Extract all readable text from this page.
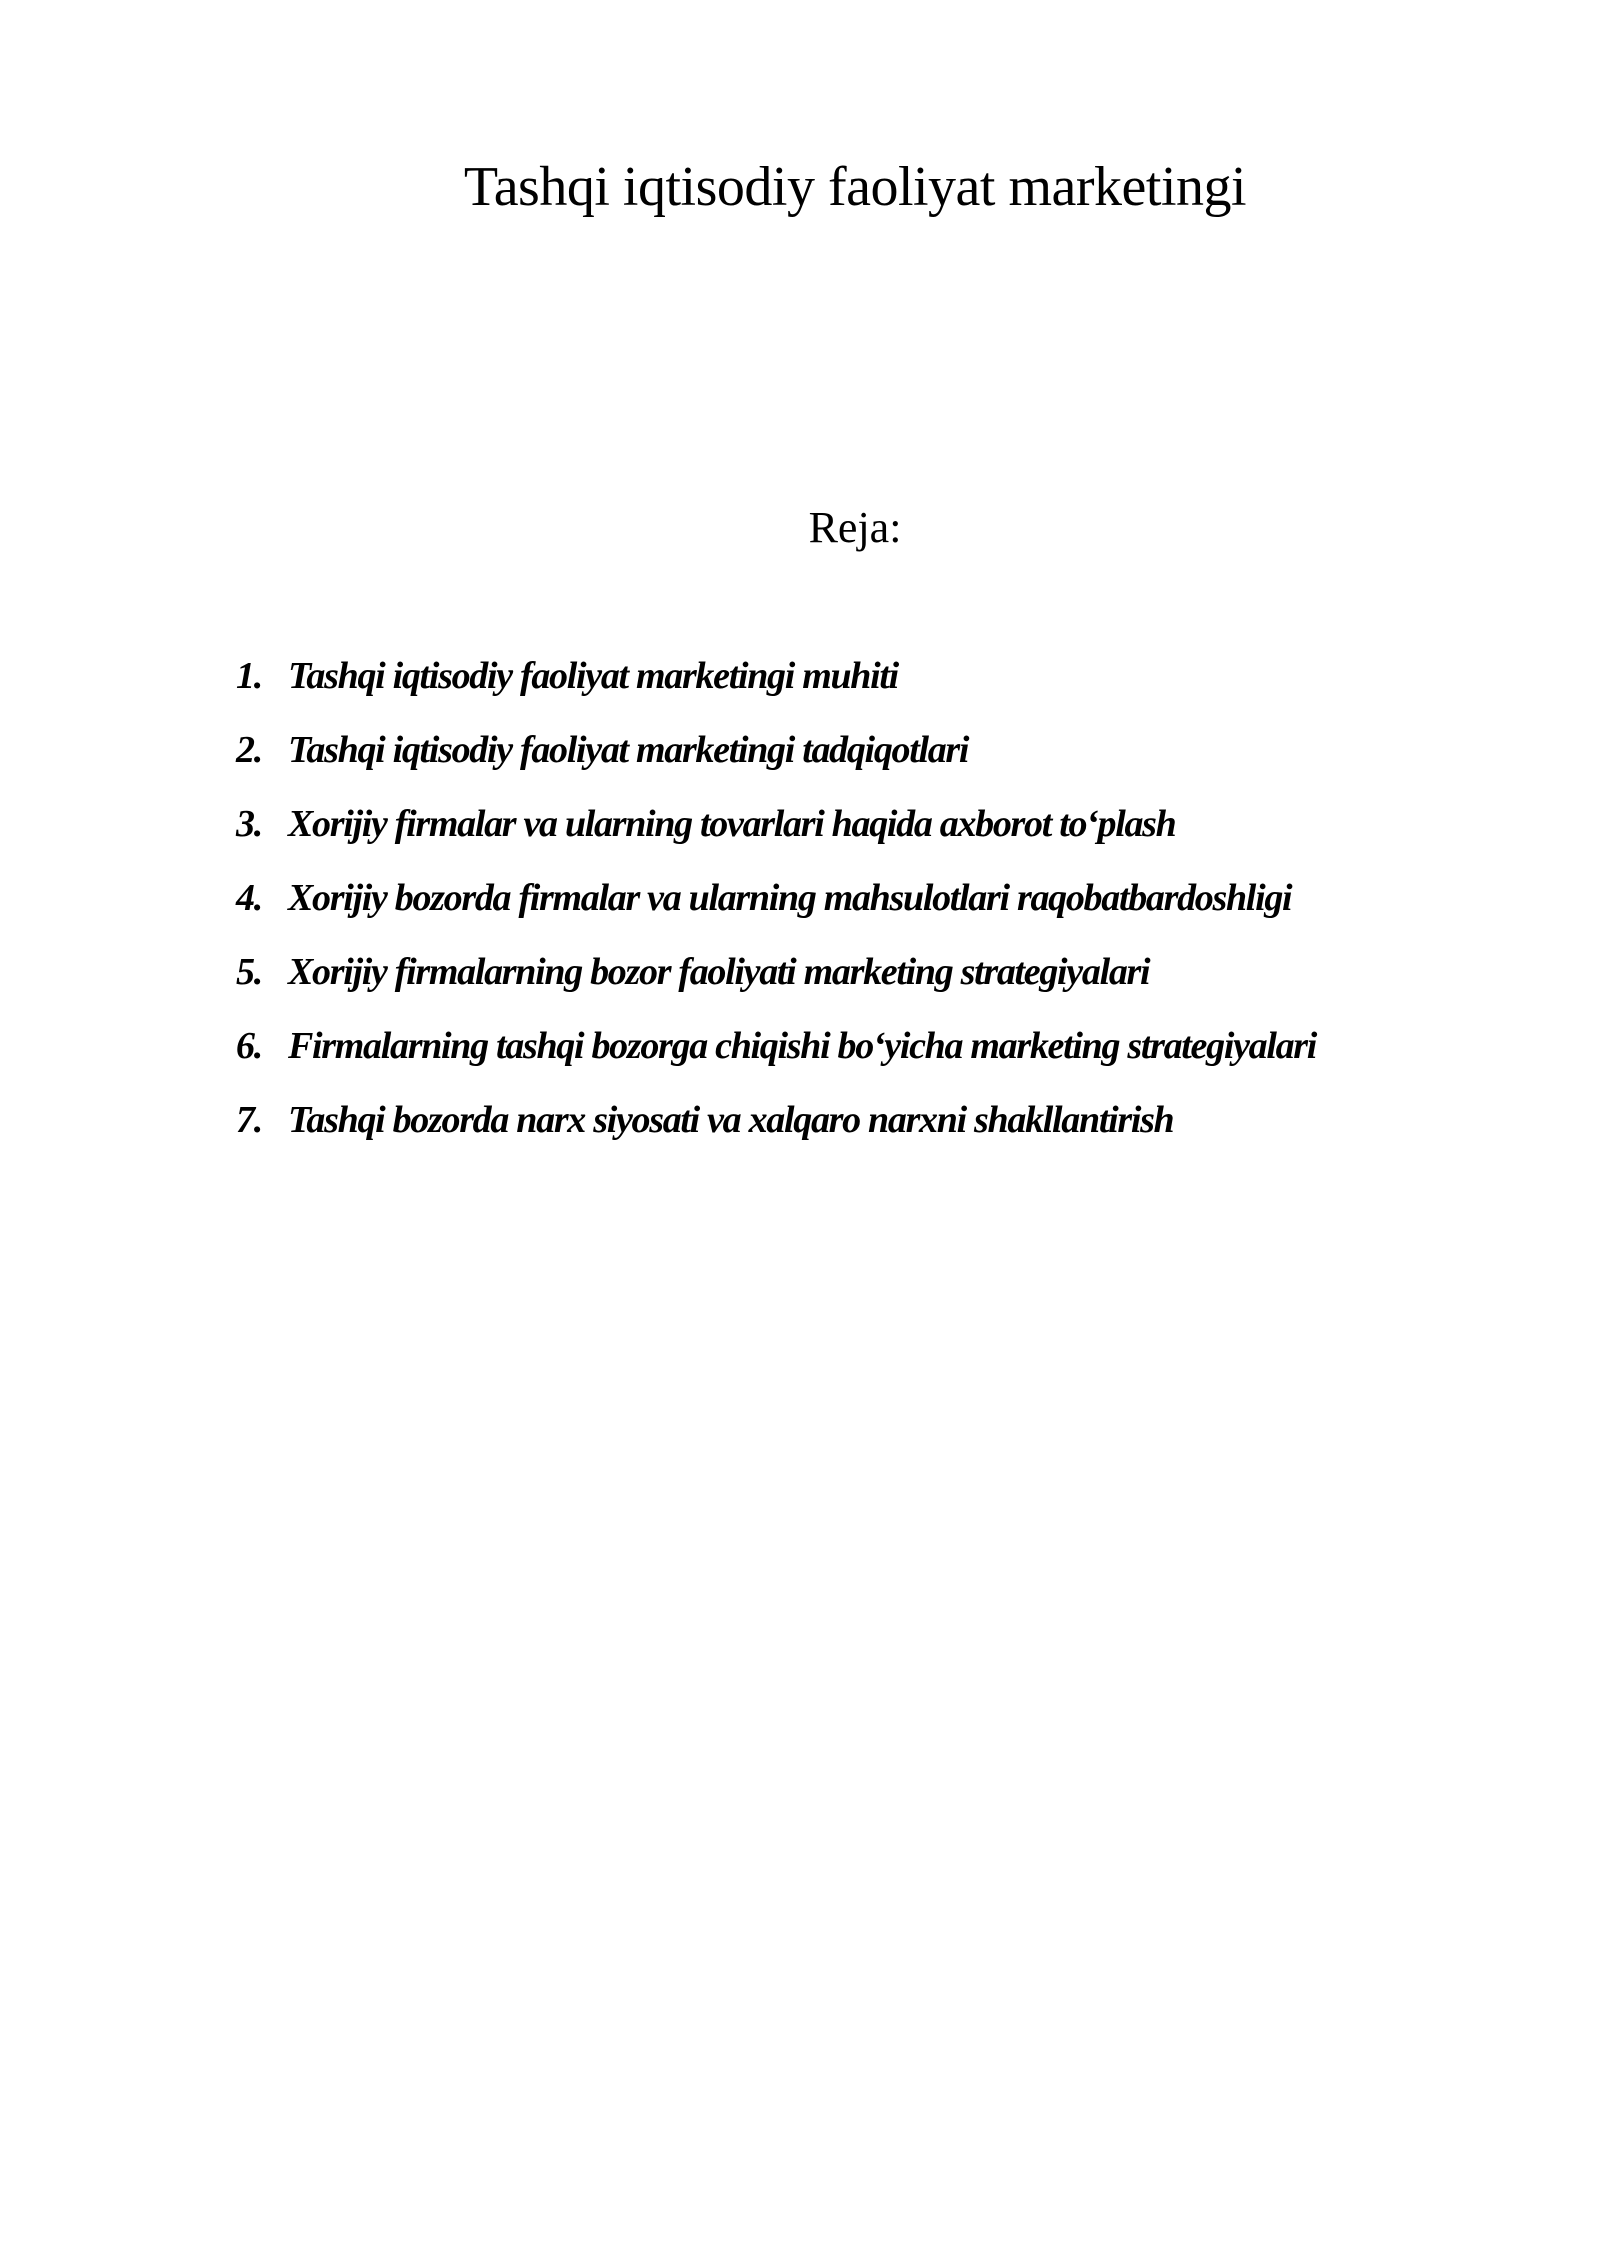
Tashqi iqtisodiy faoliyat marketingi
Reja:
1. Tashqi iqtisodiy faoliyat marketingi muhiti
2. Tashqi iqtisodiy faoliyat marketingi tadqiqotlari
3. Xorijiy firmalar va ularning tovarlari haqida axborot to‘plash
4. Xorijiy bozorda firmalar va ularning mahsulotlari raqobatbardoshligi
5. Xorijiy firmalarning bozor faoliyati marketing strategiyalari
6. Firmalarning tashqi bozorga chiqishi bo‘yicha marketing strategiyalari
7. Tashqi bozorda narx siyosati va xalqaro narxni shakllantirish
